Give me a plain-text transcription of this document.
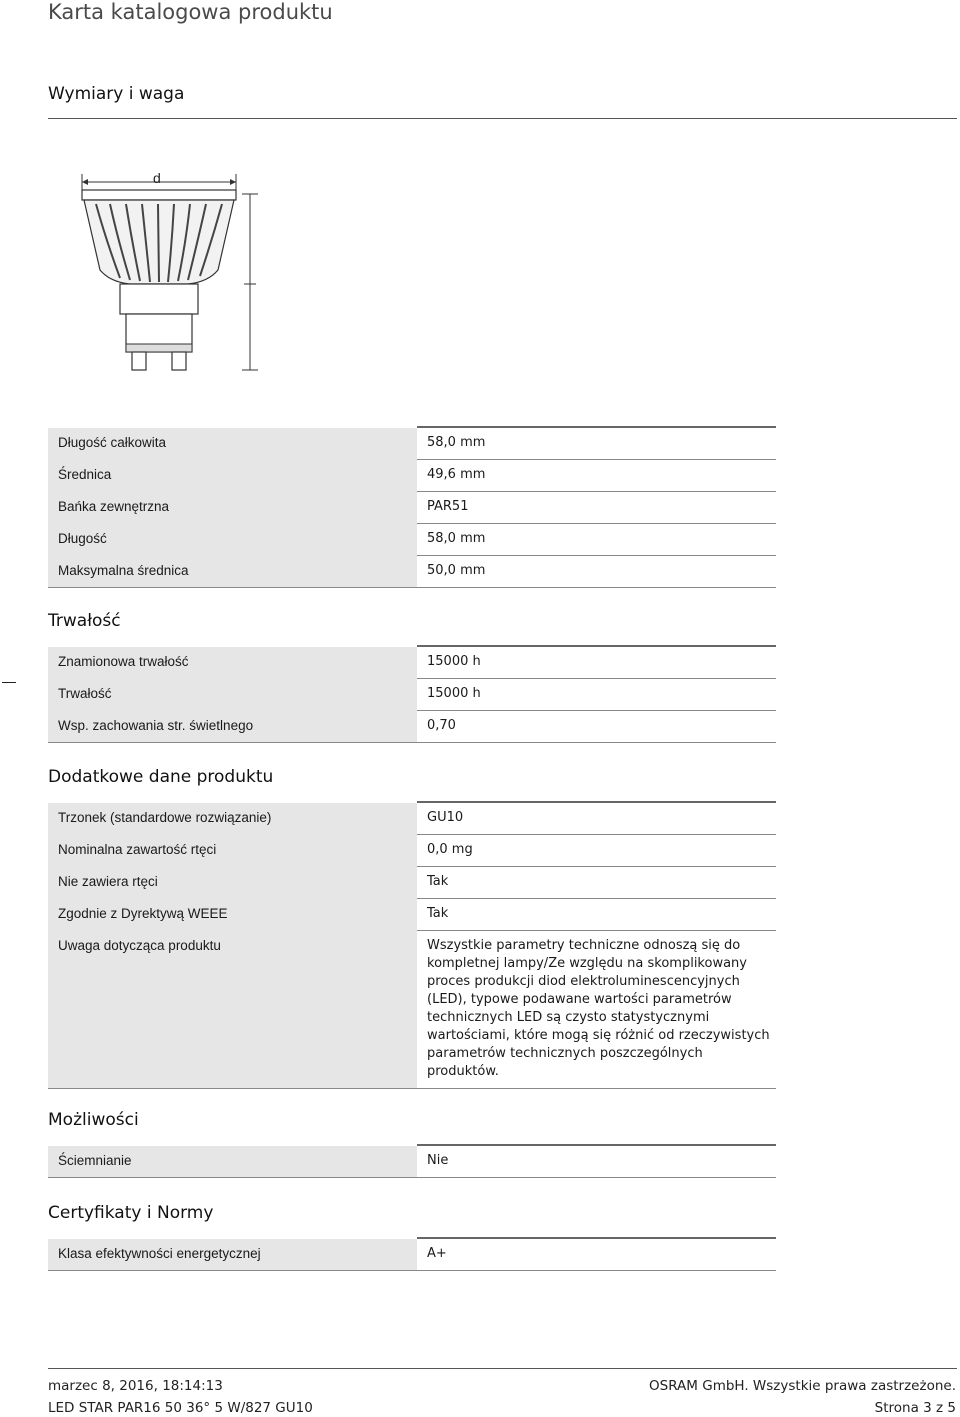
Karta katalogowa produktu
Wymiary i waga
d
Długość całkowita		58,0 mm
Średnica		49,6 mm
Bańka zewnętrzna		PAR51
Długość		58,0 mm
Maksymalna średnica		50,0 mm
Trwałość
Znamionowa trwałość		15000 h
Trwałość		15000 h
Wsp. zachowania str. świetlnego		0,70
Dodatkowe dane produktu
Trzonek (standardowe rozwiązanie)		GU10
Nominalna zawartość rtęci		0,0 mg
Nie zawiera rtęci		Tak
Zgodnie z Dyrektywą WEEE		Tak
Uwaga dotycząca produktu		Wszystkie parametry techniczne odnoszą się do kompletnej lampy/Ze względu na skomplikowany proces produkcji diod elektroluminescencyjnych (LED), typowe podawane wartości parametrów technicznych LED są czysto statystycznymi wartościami, które mogą się różnić od rzeczywistych parametrów technicznych poszczególnych produktów.
Możliwości
Ściemnianie		Nie
Certyfikaty i Normy
Klasa efektywności energetycznej		A+
marzec 8, 2016, 18:14:13
LED STAR PAR16 50 36° 5 W/827 GU10
OSRAM GmbH. Wszystkie prawa zastrzeżone.
Strona 3 z 5
